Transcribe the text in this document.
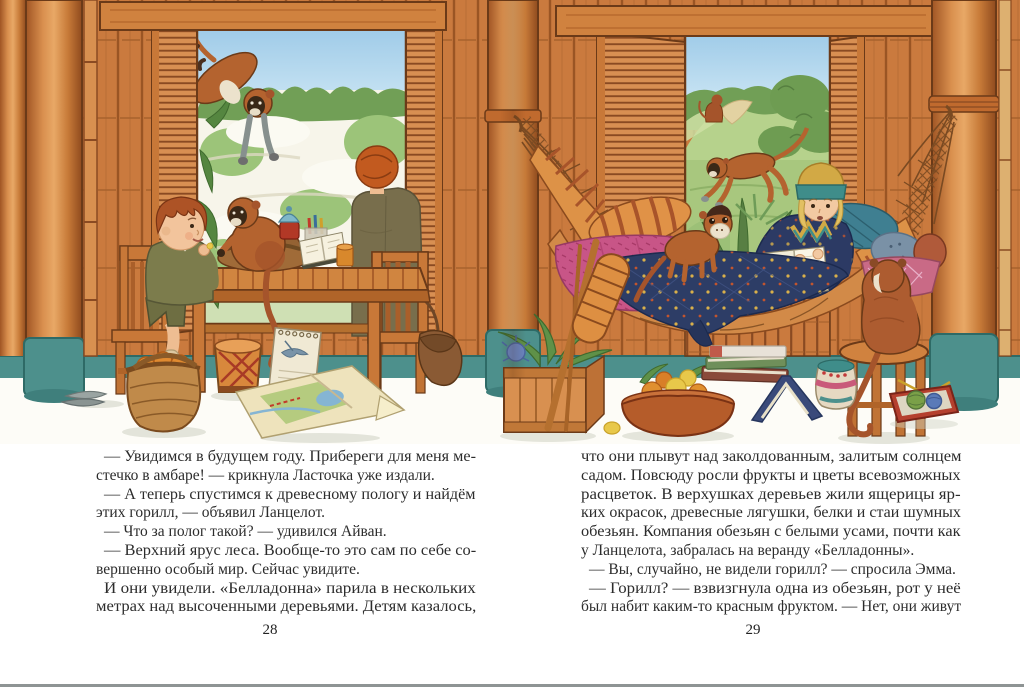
— Увидимся в будущем году. Прибереги для меня ме-
стечко в амбаре! — крикнула Ласточка уже издали.
— А теперь спустимся к древесному пологу и найдём
этих горилл, — объявил Ланцелот.
— Что за полог такой? — удивился Айван.
— Верхний ярус леса. Вообще-то это сам по себе со-
вершенно особый мир. Сейчас увидите.
И они увидели. «Белладонна» парила в нескольких
метрах над высоченными деревьями. Детям казалось,
что они плывут над заколдованным, залитым солнцем
садом. Повсюду росли фрукты и цветы всевозможных
расцветок. В верхушках деревьев жили ящерицы яр-
ких окрасок, древесные лягушки, белки и стаи шумных
обезьян. Компания обезьян с белыми усами, почти как
у Ланцелота, забралась на веранду «Белладонны».
— Вы, случайно, не видели горилл? — спросила Эмма.
— Горилл? — взвизгнула одна из обезьян, рот у неё
был набит каким-то красным фруктом. — Нет, они живут
28	29
